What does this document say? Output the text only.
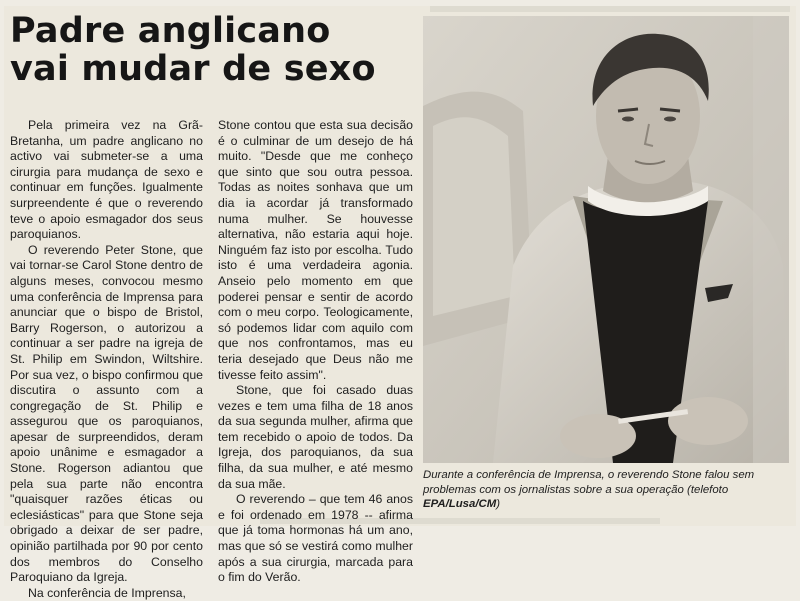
Padre anglicano
vai mudar de sexo

Pela primeira vez na Grã-Bretanha, um padre anglicano no activo vai submeter-se a uma cirurgia para mudança de sexo e continuar em funções. Igualmente surpreendente é que o reverendo teve o apoio esmagador dos seus paroquianos.

O reverendo Peter Stone, que vai tornar-se Carol Stone dentro de alguns meses, convocou mesmo uma conferência de Imprensa para anunciar que o bispo de Bristol, Barry Rogerson, o autorizou a continuar a ser padre na igreja de St. Philip em Swindon, Wiltshire. Por sua vez, o bispo confirmou que discutira o assunto com a congregação de St. Philip e assegurou que os paroquianos, apesar de surpreendidos, deram apoio unânime e esmagador a Stone. Rogerson adiantou que pela sua parte não encontra "quaisquer razões éticas ou eclesiásticas" para que Stone seja obrigado a deixar de ser padre, opinião partilhada por 90 por cento dos membros do Conselho Paroquiano da Igreja.

Na conferência de Imprensa,

Stone contou que esta sua decisão é o culminar de um desejo de há muito. "Desde que me conheço que sinto que sou outra pessoa. Todas as noites sonhava que um dia ia acordar já transformado numa mulher. Se houvesse alternativa, não estaria aqui hoje. Ninguém faz isto por escolha. Tudo isto é uma verdadeira agonia. Anseio pelo momento em que poderei pensar e sentir de acordo com o meu corpo. Teologicamente, só podemos lidar com aquilo com que nos confrontamos, mas eu teria desejado que Deus não me tivesse feito assim".

Stone, que foi casado duas vezes e tem uma filha de 18 anos da sua segunda mulher, afirma que tem recebido o apoio de todos. Da Igreja, dos paroquianos, da sua filha, da sua mulher, e até mesmo da sua mãe.

O reverendo – que tem 46 anos e foi ordenado em 1978 -- afirma que já toma hormonas há um ano, mas que só se vestirá como mulher após a sua cirurgia, marcada para o fim do Verão.

Durante a conferência de Imprensa, o reverendo Stone falou sem problemas com os jornalistas sobre a sua operação (telefoto EPA/Lusa/CM)
